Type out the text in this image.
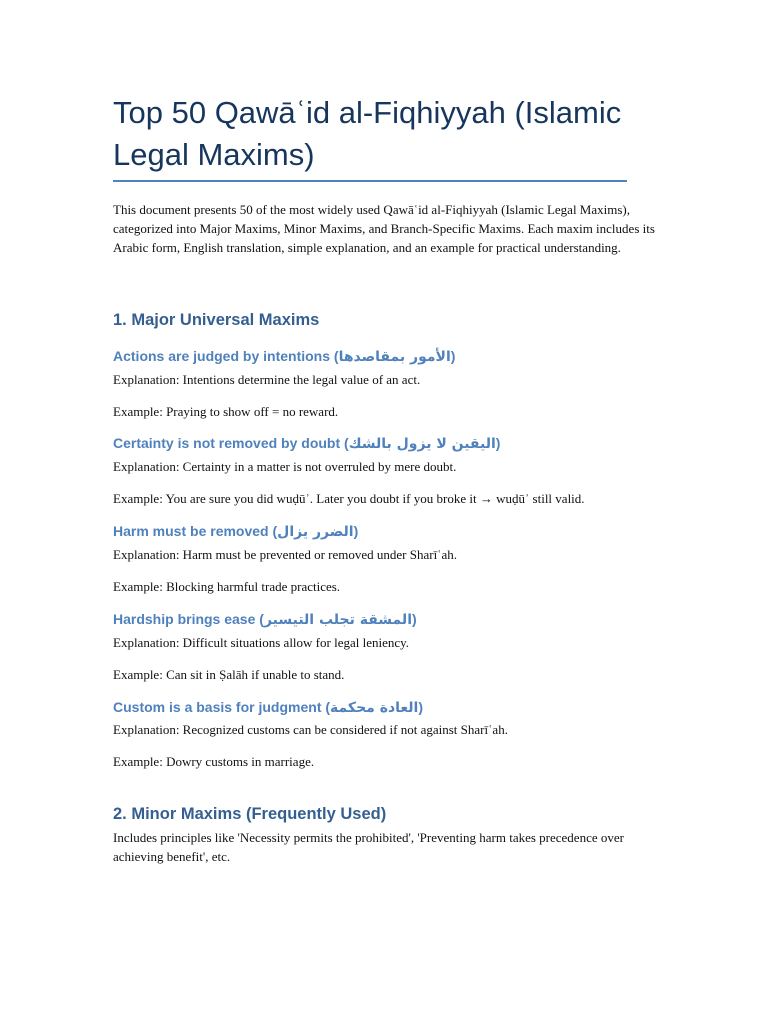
Top 50 Qawāʿid al-Fiqhiyyah (Islamic Legal Maxims)

This document presents 50 of the most widely used Qawāʿid al-Fiqhiyyah (Islamic Legal Maxims), categorized into Major Maxims, Minor Maxims, and Branch-Specific Maxims. Each maxim includes its Arabic form, English translation, simple explanation, and an example for practical understanding.

1. Major Universal Maxims
Actions are judged by intentions (الأمور بمقاصدها)

Explanation: Intentions determine the legal value of an act.

Example: Praying to show off = no reward.

Certainty is not removed by doubt (اليقين لا يزول بالشك)

Explanation: Certainty in a matter is not overruled by mere doubt.

Example: You are sure you did wuḍūʾ. Later you doubt if you broke it → wuḍūʾ still valid.

Harm must be removed (الضرر يزال)

Explanation: Harm must be prevented or removed under Sharīʿah.

Example: Blocking harmful trade practices.

Hardship brings ease (المشقة تجلب التيسير)

Explanation: Difficult situations allow for legal leniency.

Example: Can sit in Ṣalāh if unable to stand.

Custom is a basis for judgment (العادة محكمة)

Explanation: Recognized customs can be considered if not against Sharīʿah.

Example: Dowry customs in marriage.

2. Minor Maxims (Frequently Used)

Includes principles like 'Necessity permits the prohibited', 'Preventing harm takes precedence over achieving benefit', etc.
